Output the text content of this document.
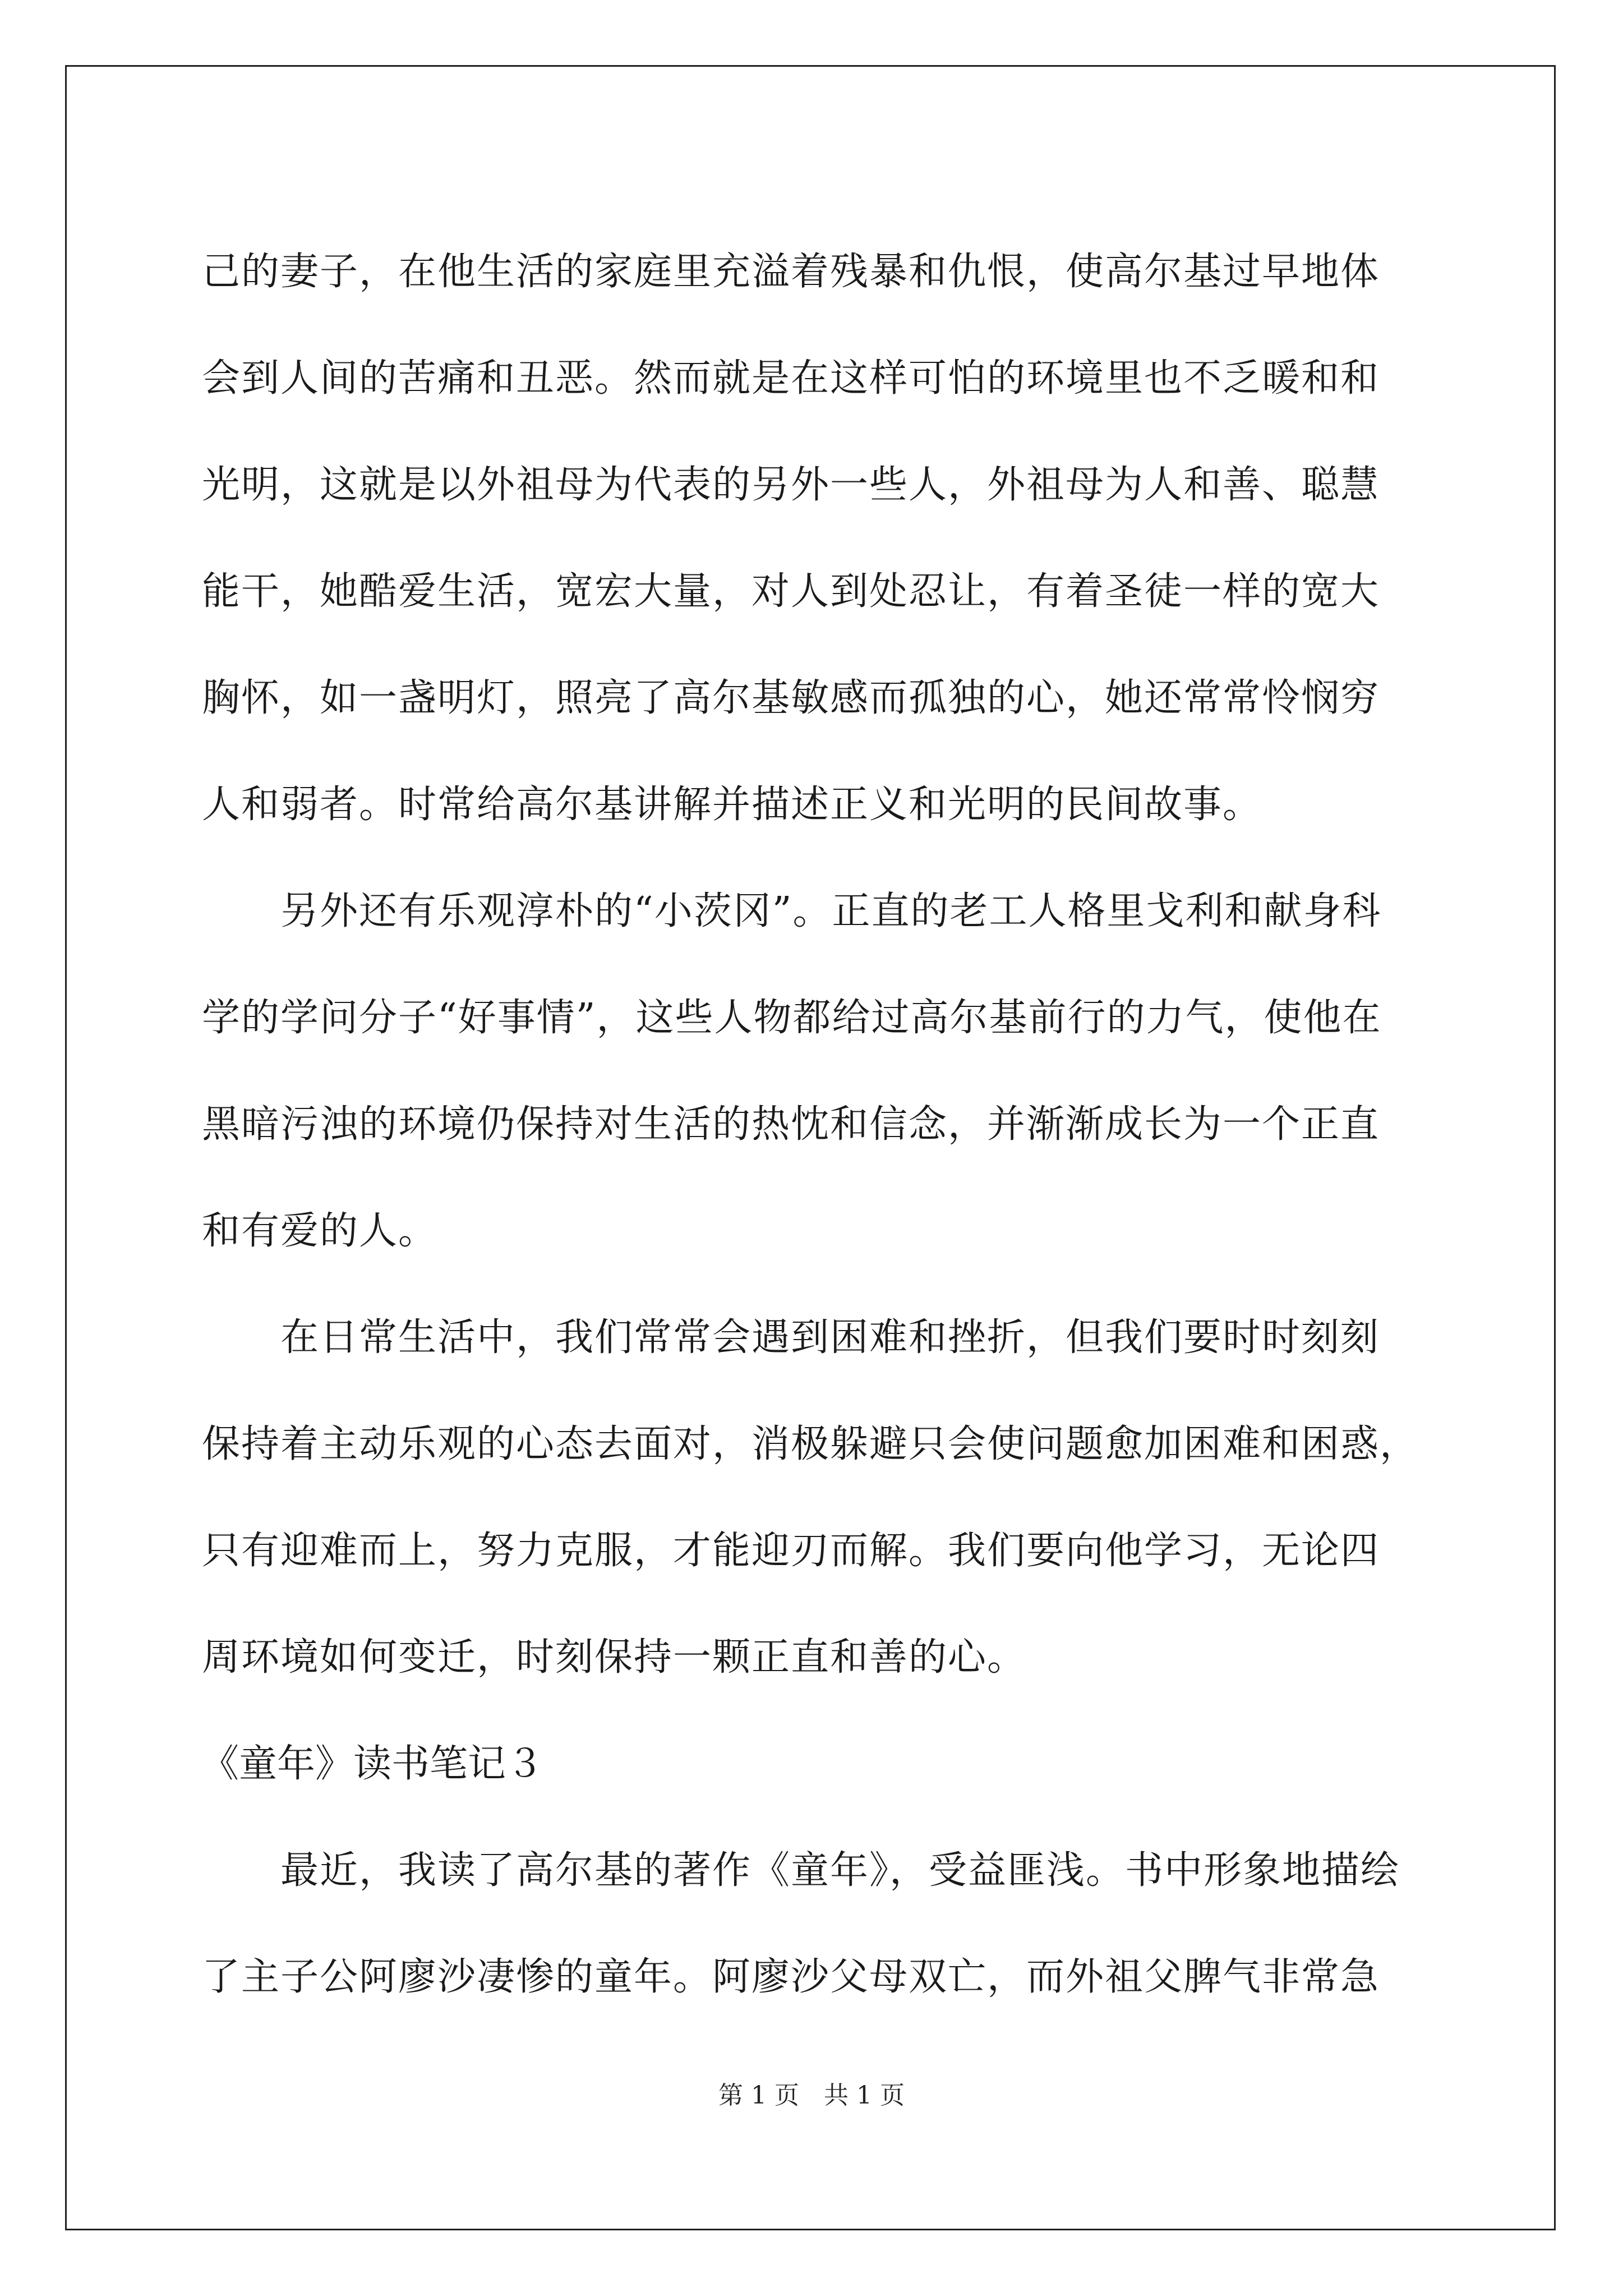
己的妻子，在他生活的家庭里充溢着残暴和仇恨，使高尔基过早地体
会到人间的苦痛和丑恶。然而就是在这样可怕的环境里也不乏暖和和
光明，这就是以外祖母为代表的另外一些人，外祖母为人和善、聪慧
能干，她酷爱生活，宽宏大量，对人到处忍让，有着圣徒一样的宽大
胸怀，如一盏明灯，照亮了高尔基敏感而孤独的心，她还常常怜悯穷
人和弱者。时常给高尔基讲解并描述正义和光明的民间故事。
另外还有乐观淳朴的“小茨冈”。正直的老工人格里戈利和献身科
学的学问分子“好事情”，这些人物都给过高尔基前行的力气，使他在
黑暗污浊的环境仍保持对生活的热忱和信念，并渐渐成长为一个正直
和有爱的人。
在日常生活中，我们常常会遇到困难和挫折，但我们要时时刻刻
保持着主动乐观的心态去面对，消极躲避只会使问题愈加困难和困惑，
只有迎难而上，努力克服，才能迎刃而解。我们要向他学习，无论四
周环境如何变迁，时刻保持一颗正直和善的心。
《童年》读书笔记３
最近，我读了高尔基的著作《童年》，受益匪浅。书中形象地描绘
了主子公阿廖沙凄惨的童年。阿廖沙父母双亡，而外祖父脾气非常急
第 1 页　共 1 页
